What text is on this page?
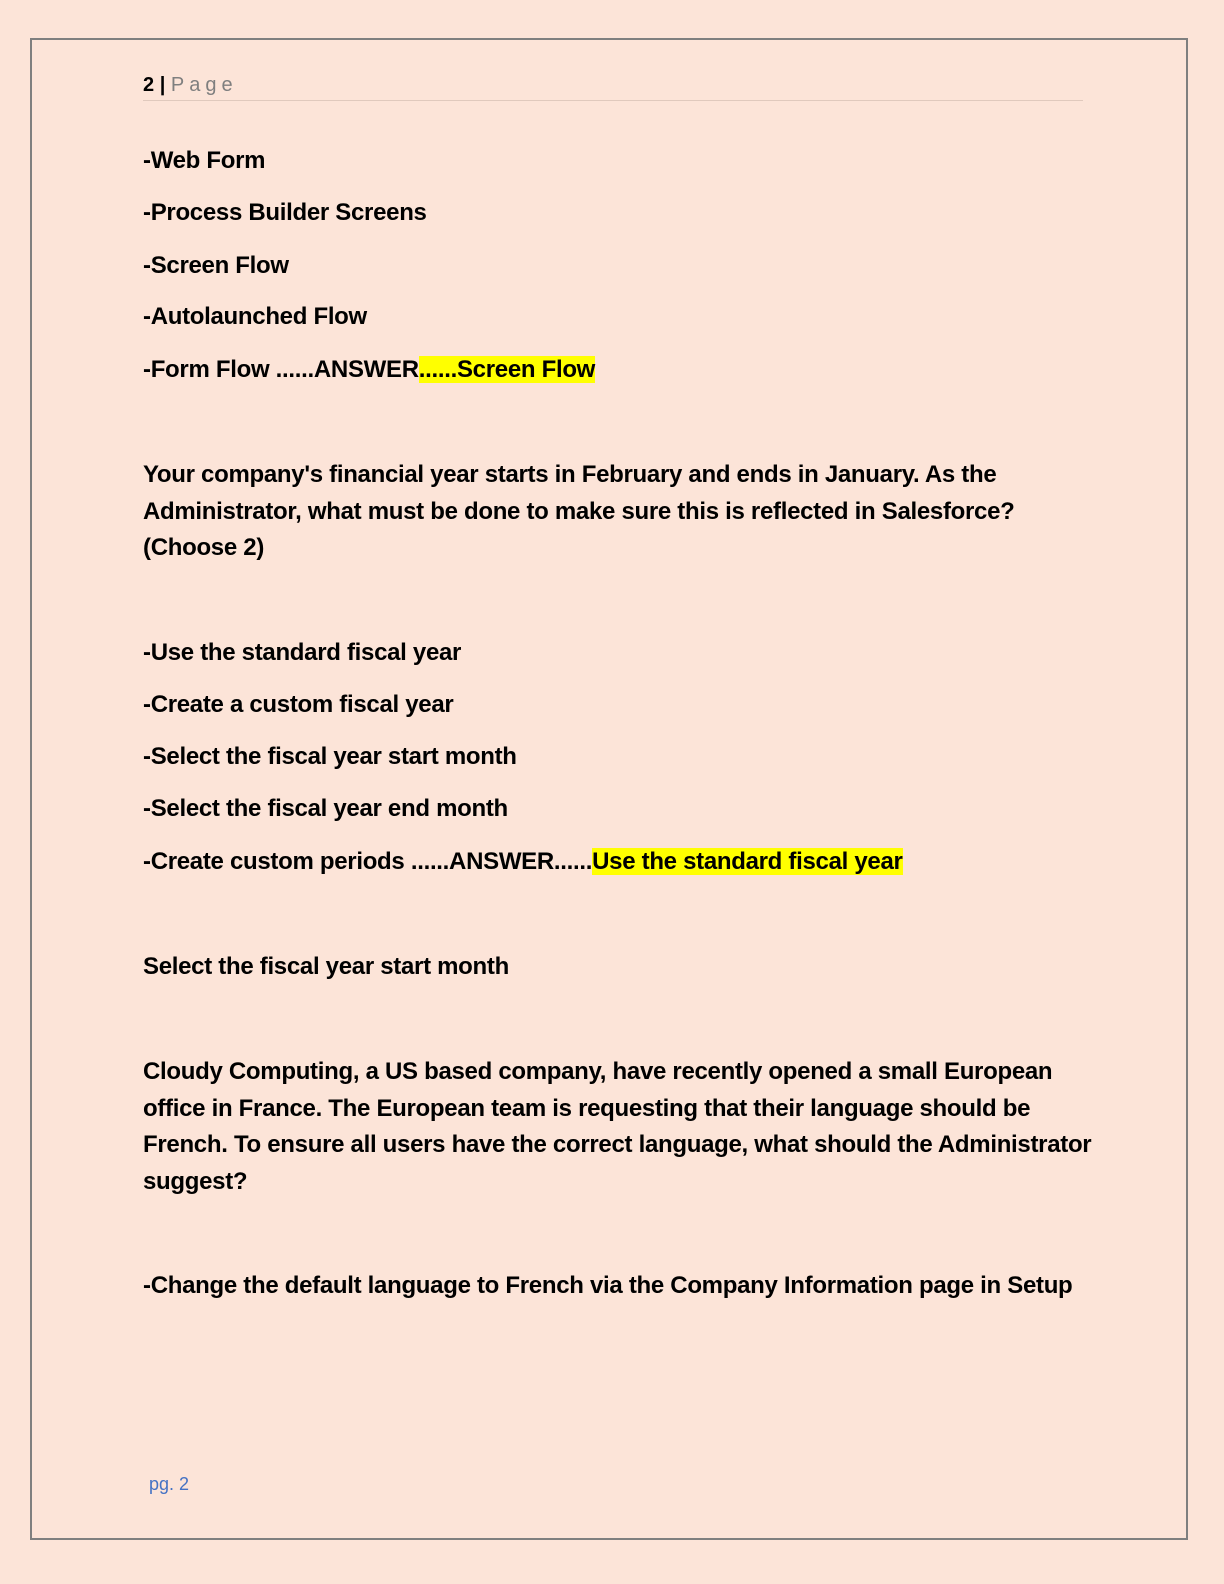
2 | Page
-Web Form
-Process Builder Screens
-Screen Flow
-Autolaunched Flow
-Form Flow ......ANSWER......Screen Flow
Your company's financial year starts in February and ends in January. As the Administrator, what must be done to make sure this is reflected in Salesforce? (Choose 2)
-Use the standard fiscal year
-Create a custom fiscal year
-Select the fiscal year start month
-Select the fiscal year end month
-Create custom periods ......ANSWER......Use the standard fiscal year
Select the fiscal year start month
Cloudy Computing, a US based company, have recently opened a small European office in France. The European team is requesting that their language should be French. To ensure all users have the correct language, what should the Administrator suggest?
-Change the default language to French via the Company Information page in Setup
pg. 2
